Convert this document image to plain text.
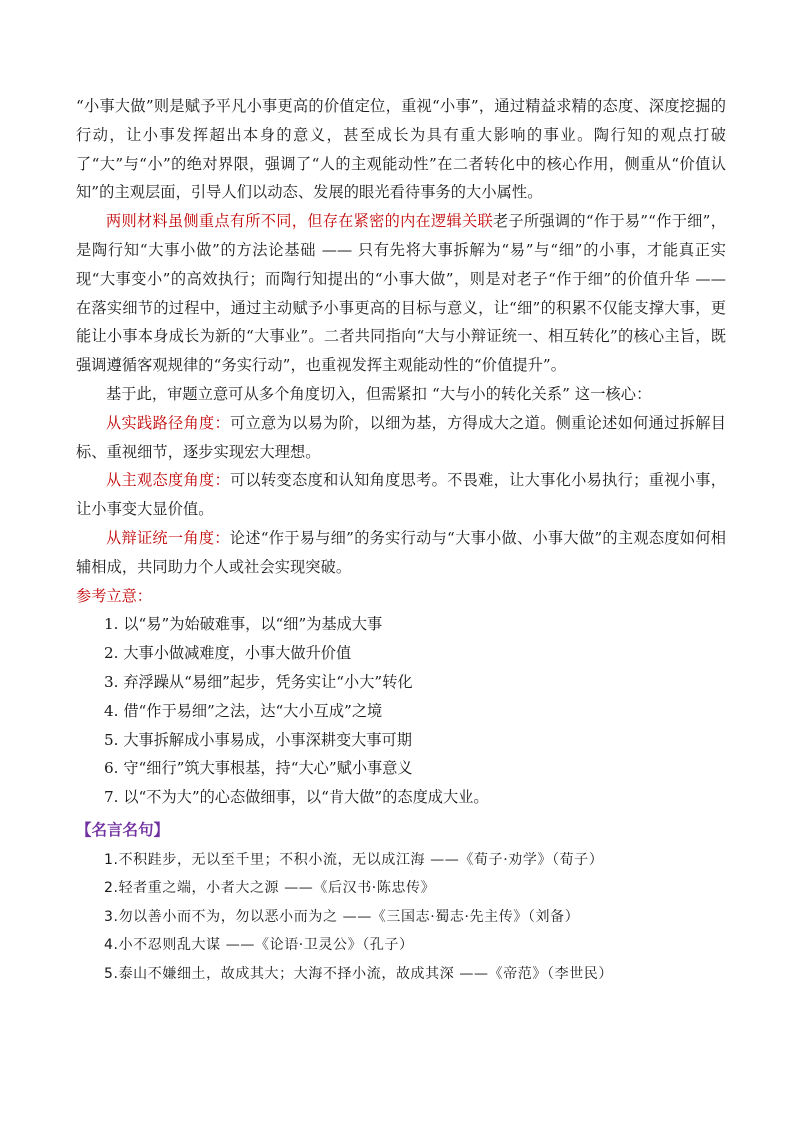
“小事大做”则是赋予平凡小事更高的价值定位，重视“小事”，通过精益求精的态度、深度挖掘的行动，让小事发挥超出本身的意义，甚至成长为具有重大影响的事业。陶行知的观点打破了“大”与“小”的绝对界限，强调了“人的主观能动性”在二者转化中的核心作用，侧重从“价值认知”的主观层面，引导人们以动态、发展的眼光看待事务的大小属性。

两则材料虽侧重点有所不同，但存在紧密的内在逻辑关联老子所强调的“作于易”“作于细”，是陶行知“大事小做”的方法论基础 —— 只有先将大事拆解为“易”与“细”的小事，才能真正实现“大事变小”的高效执行；而陶行知提出的“小事大做”，则是对老子“作于细”的价值升华 —— 在落实细节的过程中，通过主动赋予小事更高的目标与意义，让“细”的积累不仅能支撑大事，更能让小事本身成长为新的“大事业”。二者共同指向“大与小辩证统一、相互转化”的核心主旨，既强调遵循客观规律的“务实行动”，也重视发挥主观能动性的“价值提升”。

基于此，审题立意可从多个角度切入，但需紧扣 “大与小的转化关系” 这一核心：

从实践路径角度：可立意为以易为阶，以细为基，方得成大之道。侧重论述如何通过拆解目标、重视细节，逐步实现宏大理想。

从主观态度角度：可以转变态度和认知角度思考。不畏难，让大事化小易执行；重视小事，让小事变大显价值。

从辩证统一角度：论述“作于易与细”的务实行动与“大事小做、小事大做”的主观态度如何相辅相成，共同助力个人或社会实现突破。

参考立意：

1. 以“易”为始破难事，以“细”为基成大事
2. 大事小做减难度，小事大做升价值
3. 弃浮躁从“易细”起步，凭务实让“小大”转化
4. 借“作于易细”之法，达“大小互成”之境
5. 大事拆解成小事易成，小事深耕变大事可期
6. 守“细行”筑大事根基，持“大心”赋小事意义
7. 以“不为大”的心态做细事，以“肯大做”的态度成大业。
【名言名句】
1.不积跬步，无以至千里；不积小流，无以成江海 ——《荀子·劝学》（荀子）
2.轻者重之端，小者大之源 ——《后汉书·陈忠传》
3.勿以善小而不为，勿以恶小而为之 ——《三国志·蜀志·先主传》（刘备）
4.小不忍则乱大谋 ——《论语·卫灵公》（孔子）
5.泰山不嫌细土，故成其大；大海不择小流，故成其深 ——《帝范》（李世民）
